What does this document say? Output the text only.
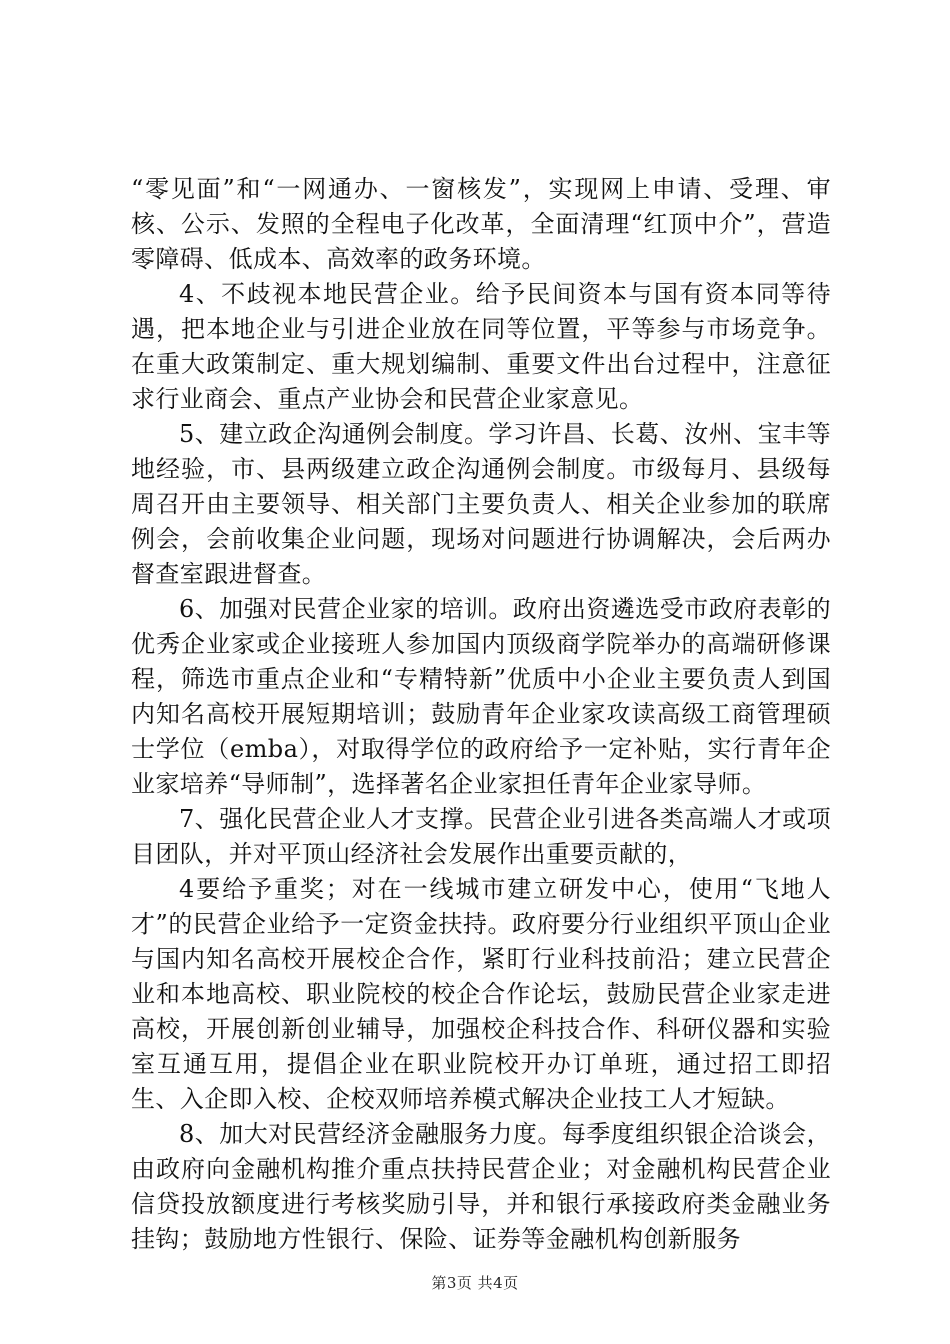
“零见面”和“一网通办、一窗核发”，实现网上申请、受理、审核、公示、发照的全程电子化改革，全面清理“红顶中介”，营造零障碍、低成本、高效率的政务环境。

4、不歧视本地民营企业。给予民间资本与国有资本同等待遇，把本地企业与引进企业放在同等位置，平等参与市场竞争。在重大政策制定、重大规划编制、重要文件出台过程中，注意征求行业商会、重点产业协会和民营企业家意见。

5、建立政企沟通例会制度。学习许昌、长葛、汝州、宝丰等地经验，市、县两级建立政企沟通例会制度。市级每月、县级每周召开由主要领导、相关部门主要负责人、相关企业参加的联席例会，会前收集企业问题，现场对问题进行协调解决，会后两办督查室跟进督查。

6、加强对民营企业家的培训。政府出资遴选受市政府表彰的优秀企业家或企业接班人参加国内顶级商学院举办的高端研修课程，筛选市重点企业和“专精特新”优质中小企业主要负责人到国内知名高校开展短期培训；鼓励青年企业家攻读高级工商管理硕士学位（emba），对取得学位的政府给予一定补贴，实行青年企业家培养“导师制”，选择著名企业家担任青年企业家导师。

7、强化民营企业人才支撑。民营企业引进各类高端人才或项目团队，并对平顶山经济社会发展作出重要贡献的，

4要给予重奖；对在一线城市建立研发中心，使用“飞地人才”的民营企业给予一定资金扶持。政府要分行业组织平顶山企业与国内知名高校开展校企合作，紧盯行业科技前沿；建立民营企业和本地高校、职业院校的校企合作论坛，鼓励民营企业家走进高校，开展创新创业辅导，加强校企科技合作、科研仪器和实验室互通互用，提倡企业在职业院校开办订单班，通过招工即招生、入企即入校、企校双师培养模式解决企业技工人才短缺。

8、加大对民营经济金融服务力度。每季度组织银企洽谈会，由政府向金融机构推介重点扶持民营企业；对金融机构民营企业信贷投放额度进行考核奖励引导，并和银行承接政府类金融业务挂钩；鼓励地方性银行、保险、证券等金融机构创新服务

第3页 共4页
